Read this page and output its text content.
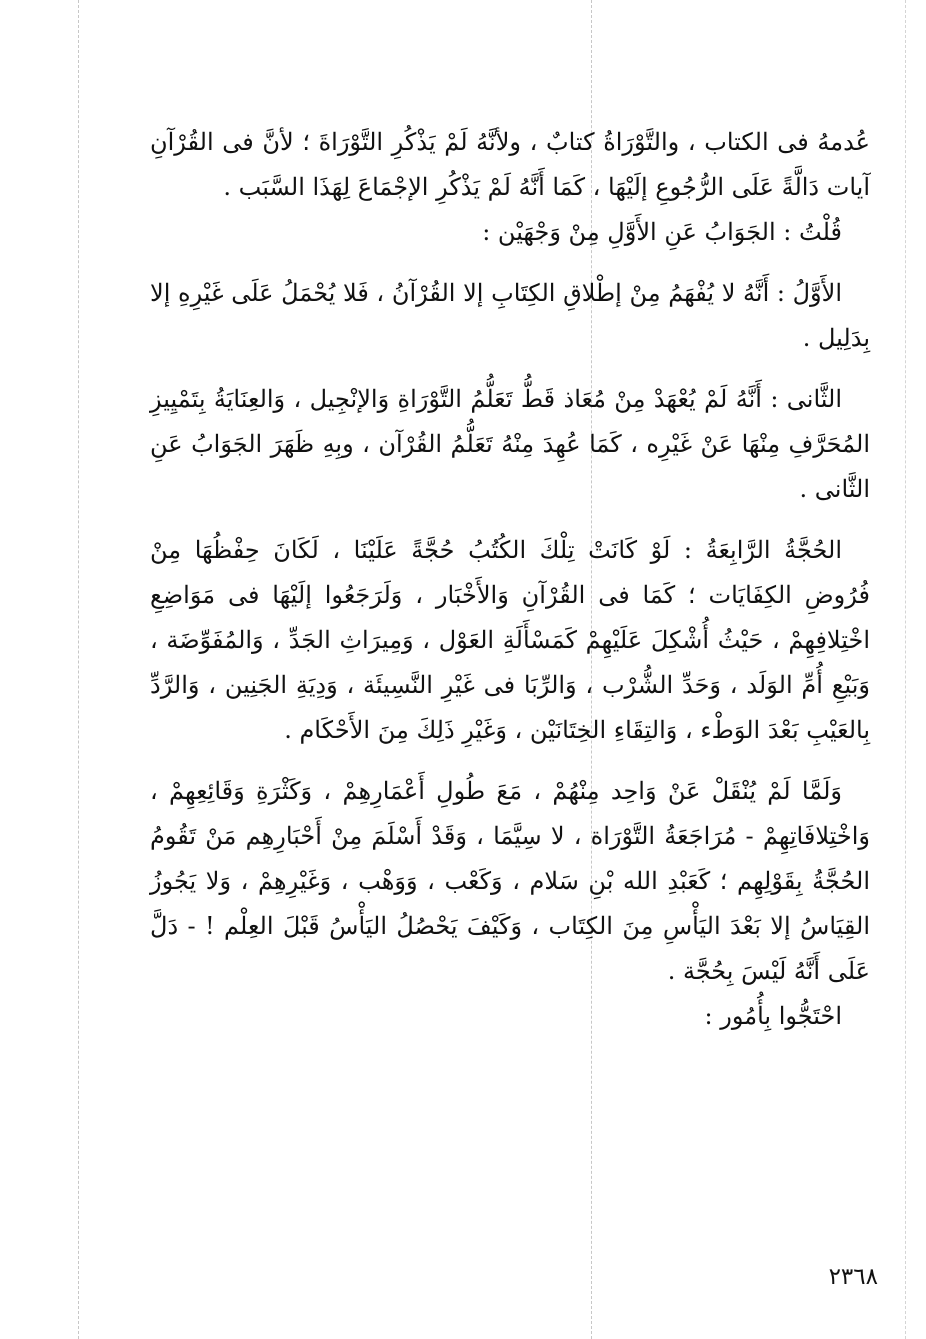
عُدمهُ فى الكتاب ، والتَّوْرَاةُ كتابٌ ، ولأنَّهُ لَمْ يَذْكُرِ التَّوْرَاةَ ؛ لأنَّ فى القُرْآنِ آيات دَالَّةً عَلَى الرُّجُوعِ إلَيْهَا ، كَمَا أَنَّهُ لَمْ يَذْكُرِ الإجْمَاعَ لِهَذَا السَّبَب .

قُلْتُ : الجَوَابُ عَنِ الأَوَّلِ مِنْ وَجْهَيْن :

الأَوَّلُ : أَنَّهُ لا يُفْهَمُ مِنْ إطْلاقِ الكِتَابِ إلا القُرْآنُ ، فَلا يُحْمَلُ عَلَى غَيْرِهِ إلا بِدَلِيل .

الثَّانى : أَنَّهُ لَمْ يُعْهَدْ مِنْ مُعَاذ قَطُّ تَعَلُّمُ التَّوْرَاةِ وَالإنْجِيل ، وَالعِنَايَةُ بِتَمْيِيزِ المُحَرَّفِ مِنْهَا عَنْ غَيْرِه ، كَمَا عُهِدَ مِنْهُ تَعَلُّمُ القُرْآن ، وبِهِ ظَهَرَ الجَوَابُ عَنِ الثَّانى .

الحُجَّةُ الرَّابِعَةُ : لَوْ كَانَتْ تِلْكَ الكُتُبُ حُجَّةً عَلَيْنَا ، لَكَانَ حِفْظُهَا مِنْ فُرُوضِ الكِفَايَات ؛ كَمَا فى القُرْآنِ وَالأَخْبَار ، وَلَرَجَعُوا إلَيْهَا فى مَوَاضِعِ اخْتِلافِهِمْ ، حَيْثُ أُشْكِلَ عَلَيْهِمْ كَمَسْأَلَةِ العَوْل ، وَمِيرَاثِ الجَدِّ ، وَالمُفَوِّضَة ، وَبَيْعِ أُمِّ الوَلَد ، وَحَدِّ الشُّرْب ، وَالرِّبَا فى غَيْرِ النَّسِيئَة ، وَدِيَةِ الجَنِين ، وَالرَّدِّ بِالعَيْبِ بَعْدَ الوَطْء ، وَالتِقَاءِ الخِتَانَيْن ، وَغَيْرِ ذَلِكَ مِنَ الأَحْكَام .

وَلَمَّا لَمْ يُنْقَلْ عَنْ وَاحِد مِنْهُمْ ، مَعَ طُولِ أَعْمَارِهِمْ ، وَكَثْرَةِ وَقَائِعِهِمْ ، وَاخْتِلافَاتِهِمْ - مُرَاجَعَةُ التَّوْرَاة ، لا سِيَّمَا ، وَقَدْ أَسْلَمَ مِنْ أَحْبَارِهِم مَنْ تَقُومُ الحُجَّةُ بِقَوْلِهِم ؛ كَعَبْدِ الله بْنِ سَلام ، وَكَعْب ، وَوَهْب ، وَغَيْرِهِمْ ، وَلا يَجُوزُ القِيَاسُ إلا بَعْدَ اليَأْسِ مِنَ الكِتَاب ، وَكَيْفَ يَحْصُلُ اليَأْسُ قَبْلَ العِلْم ! - دَلَّ عَلَى أَنَّهُ لَيْسَ بِحُجَّة .

احْتَجُّوا بِأُمُور :

٢٣٦٨
